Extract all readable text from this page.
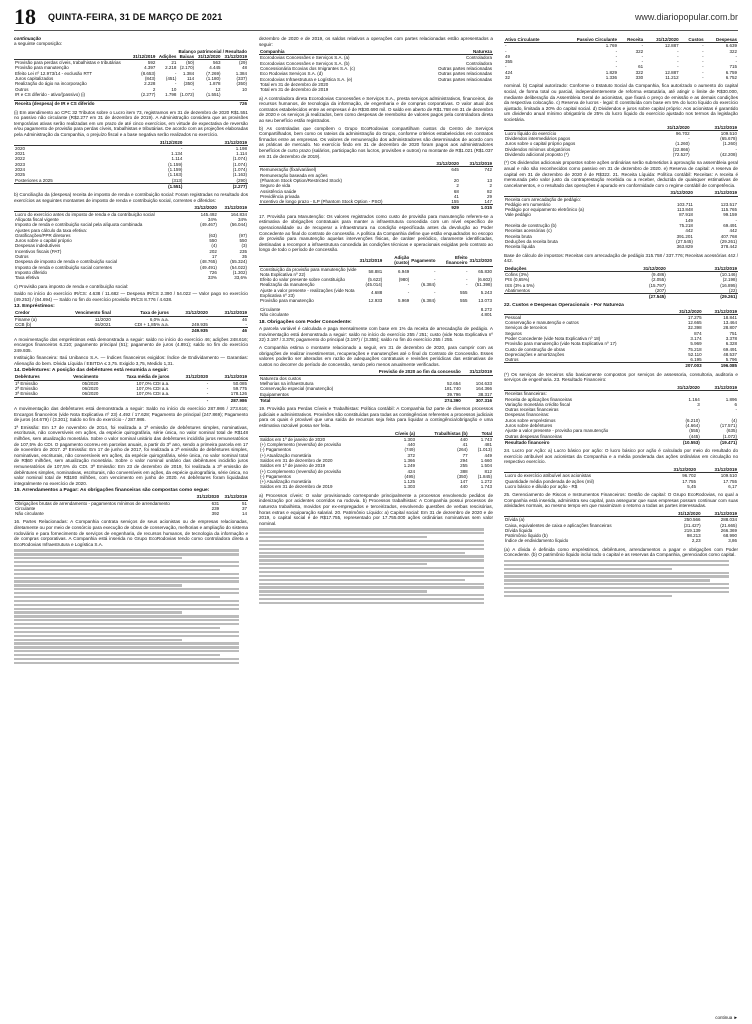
18 QUINTA-FEIRA, 31 DE MARÇO DE 2021	www.diariopopular.com.br
continuação

a seguinte composição:

Balanço patrimonial / Resultado					
	31/12/2019	Adições	Baixas	31/12/2020	31/12/2019
Provisão para perdas cíveis, trabalhistas e tributárias	592	21	(50)	563	(29)
Provisão para manutenção	4.397	2.218	(2.170)	4.445	48
Efeito Lei nº 12.973/14 - exclusão RTT	(8.653)	-	1.384	(7.269)	1.384
Juros capitalizados	(843)	(451)	114	(1.180)	(337)
Realização do ágio na incorporação	2.228	-	(350)	1.878	(350)
Outros	2	10	-	12	10
IR e CS diferido - ativo/(passivo) (i)	(2.277)	1.798	(1.072)	(1.551)	
Receita (despesa) de IR e CS diferido	726

(i) Em atendimento ao CPC 32 Tributos sobre o Lucro item 73, registramos em 31 de dezembro de 2020 R$1.551 no passivo não circulante (R$2.277 em 31 de dezembro de 2019). A Administração considera que as provisões temporárias ativas serão realizadas em um prazo de até cinco exercícios, em virtude de expectativa de reversão e/ou pagamento de provisão para perdas cíveis, trabalhistas e tributárias. De acordo com as projeções elaboradas pela Administração da Companhia, o prejuízo fiscal e a base negativa serão realizados no exercício.

	31/12/2020	31/12/2019
2020	-	1.198
2021	1.134	1.114
2022	1.114	(1.074)
2023	(1.159)	(1.074)
2024	(1.159)	(1.074)
2025	(1.163)	(1.163)
Posteriores a 2025	(313)	(290)
	(1.551)	(2.277)

b) Conciliação da (despesa) receita de imposto de renda e contribuição social: Foram registradas no resultado dos exercícios as seguintes montantes de imposto de renda e contribuição social, correntes e diferidos:

	31/12/2020	31/12/2019
Lucro do exercício antes do imposto de renda e da contribuição social	145.492	164.834
Alíquota fiscal vigente	34%	34%
Imposto de renda e contribuição social pela alíquota combinada	(49.467)	(56.044)
Ajustes para cálculo da taxa efetiva:		
Gratificações/PPR diretores	(63)	(97)
Juros sobre o capital próprio	550	550
Despesas indedutíveis	(4)	(3)
Incentivos fiscais (PAT)	202	235
Outros	17	35
Despesa de imposto de renda e contribuição social	(48.765)	(55.324)
Imposto de renda e contribuição social correntes	(49.491)	(54.022)
Imposto diferido	726	(1.302)
Taxa efetiva	33%	33,6%

c) Provisão para imposto de renda e contribuição social:

Saldo no início do exercício IR/CS: 4.638 / 11.682 — Despesa IR/CS 2.390 / 54.022 — Valor pago no exercício (49.253) / (64.694) — Saldo no fim do exercício provisão IR/CS 8.776 / 4.638.

13. Empréstimos:
Credor	Vencimento final	Taxa de juros	31/12/2020	31/12/2019
Finame (a)	11/2020	6,0% a.a.	-	46
CCB (b)	06/2021	CDI + 1,85% a.a.	249.935	-
			249.935	46

A movimentação dos empréstimos está demonstrada a seguir: saldo no início do exercício 46; adições 248.616; encargos financeiros 6.210; pagamento principal (51); pagamento de juros (4.891); saldo no fim do exercício 249.935.

Instituição financeira: Itaú Unibanco S.A. — Índices financeiros exigidos: Índice de Endividamento — Garantias: Alienação do bem. Dívida Líquida / EBITDA ≤ 3,75. Exigido 3,75, Medido 1,31.

14. Debêntures: A posição das debêntures está resumida a seguir:
Debêntures	Vencimento	Taxa média de juros	31/12/2020	31/12/2019
1ª Emissão	05/2020	107,0% CDI a.a.	-	50.085
2ª Emissão	06/2020	107,0% CDI a.a.	-	59.775
3ª Emissão	06/2020	107,0% CDI a.a.	-	178.126
			-	287.986

A movimentação das debêntures está demonstrada a seguir: Saldo no início do exercício 287.986 / 273.616; Encargos financeiros (vide Nota Explicativa nº 23) 4.492 / 17.628; Pagamento de principal (247.869); Pagamento de juros (44.679) / (3.301); Saldo no fim do exercício - / 287.986.

1ª Emissão: Em 17 de novembro de 2014, foi realizada a 1ª emissão de debêntures simples, nominativas, escriturais, não conversíveis em ações, da espécie quirografária, série única, no valor nominal total de R$148 milhões, sem atualização monetária. Sobre o valor nominal unitário das debêntures incidirão juros remuneratórios de 107,5% do CDI. O pagamento ocorreu em parcelas anuais, a partir do 3º ano, sendo a primeira parcela em 17 de novembro de 2017. 2ª Emissão: Em 17 de junho de 2017, foi realizada a 2ª emissão de debêntures simples, nominativas, escriturais, não conversíveis em ações, da espécie quirografária, série única, no valor nominal total de R$60 milhões, sem atualização monetária. Sobre o valor nominal unitário das debêntures incidirão juros remuneratórios de 107,5% do CDI. 3ª Emissão: Em 23 de dezembro de 2019, foi realizada a 3ª emissão de debêntures simples, nominativas, escriturais, não conversíveis em ações, da espécie quirografária, série única, no valor nominal total de R$180 milhões, com vencimento em junho de 2020. As debêntures foram liquidadas integralmente no exercício de 2020.

15. Arrendamentos a Pagar: As obrigações financeiras são compostas como segue:
	31/12/2020	31/12/2019
Obrigações brutas de arrendamento - pagamentos mínimos de arrendamento	631	51
Circulante	239	37
Não circulante	392	14

16. Partes Relacionadas: A Companhia contrata serviços de seus acionistas ou de empresas relacionadas, diretamente ou por meio de consórcio para execução de obras de conservação, melhorias e ampliação do sistema rodoviário e para fornecimento de serviços de engenharia, de recursos humanos, de tecnologia da informação e de compras corporativas. A Companhia está inserida no Grupo EcoRodovias tendo como controladora direta a EcoRodovias Infraestrutura e Logística S.A.

dezembro de 2020 e de 2019, os saldos relativos a operações com partes relacionadas estão apresentados a seguir:

Companhia	Natureza
Ecorodovias Concessões e Serviços S.A. (a)	Controladora
Ecorodovias Concessões e Serviços S.A. (b)	Controladora
Concessionária Ecovias dos Imigrantes S.A. (c)	Outras partes relacionadas
Eco Rodovias Serviços S.A. (d)	Outras partes relacionadas
Ecorodovias Infraestrutura e Logística S.A. (e)	Outras partes relacionadas
Total em 31 de dezembro de 2020	
Total em 31 de dezembro de 2019	

a) A controladora direta Ecorodovias Concessões e Serviços S.A., presta serviços administrativos, financeiros, de recursos humanos, de tecnologia da informação, de engenharia e de compras corporativas. O valor atual dos contratos estabelecidos entre as empresas é de R$30.690 mil. O saldo em aberto de R$1.768 em 31 de dezembro de 2020 e os serviços já realizados, bem como despesas de reembolso de valores pagos pela controladora direta ao seu benefício estão registrados.

b) As controladas que compõem o Grupo EcoRodovias compartilham custos do Centro de Serviços Compartilhados, bem como os rateios da administração do Grupo, conforme critérios estabelecidos em contratos firmados entre as empresas. Os valores de remuneração dos administradores são determinados de acordo com as práticas de mercado. No exercício findo em 31 de dezembro de 2020 foram pagos aos administradores benefícios de curto prazo (salários, participação nos lucros, provisões e outros) no montante de R$1.021 (R$1.037 em 31 de dezembro de 2019).

	31/12/2020	31/12/2019
Remuneração (fixa/variável)	645	742
Remuneração baseada em ações		
(Phantom Stock Option/Restricted Stock)	20	13
Seguro de vida	2	2
Assistência saúde	68	82
Previdência privada	41	29
Incentivo de longo prazo - ILP (Phantom Stock Option - PSO)	155	147
	929	1.015

17. Provisão para Manutenção: Os valores registrados como custo de provisão para manutenção referem-se a estimativa de obrigações contratuais para manter a infraestrutura concedida com um nível específico de operacionalidade ou de recuperar a infraestrutura na condição especificada antes da devolução ao Poder Concedente ao final do contrato de concessão. A política da Companhia define que estão enquadrados no escopo de provisão para manutenção aquelas intervenções físicas, de caráter periódico, claramente identificadas, destinadas a recompor a infraestrutura concedida às condições técnicas e operacionais exigidas pelo contrato ao longo de todo o período de concessão.

	31/12/2019	Adição (custo)	Pagamento	Efeito financeiro	31/12/2020
Constituição da provisão para manutenção (vide Nota Explicativa nº 22)	58.881	6.949	-	-	65.830
Efeito do valor presente sobre constituição	(5.622)	(980)	-	-	(6.602)
Realização da manutenção	(45.014)	-	(6.384)	-	(51.398)
Ajuste a valor presente - realizações (vide Nota Explicativa nº 23)	4.688	-	-	555	5.243
Provisão para manutenção	12.933	5.969	(6.384)	555	13.073
Circulante	8.272
Não circulante	4.801
18. Obrigações com Poder Concedente:

A parcela variável é calculada e paga mensalmente com base em 1% da receita de arrecadação de pedágio. A movimentação está demonstrada a seguir: saldo no início do exercício 255 / 251; custo (vide Nota Explicativa nº 22) 3.197 / 3.378; pagamento do principal (3.197) / (3.355); saldo no fim do exercício 255 / 255.

A Companhia estima o montante relacionado a seguir, em 31 de dezembro de 2020, para cumprir com as obrigações de realizar investimentos, recuperações e manutenções até o final do Contrato de Concessão. Esses valores poderão ser alterados em razão de adequações contratuais e revisões periódicas das estimativas de custos no decorrer do período de concessão, sendo pelo menos anualmente verificados.

	Previsão de 2020 ao fim da concessão	31/12/2019
Natureza dos custos		
Melhorias na infraestrutura	52.654	104.633
Conservação especial (manutenção)	181.740	164.366
Equipamentos	39.796	38.317
Total	274.390	307.316

19. Provisão para Perdas Cíveis e Trabalhistas: Política contábil: A Companhia faz parte de diversos processos judiciais e administrativos. Provisões são constituídas para todas as contingências referentes a processos judiciais para os quais é provável que uma saída de recursos seja feita para liquidar a contingência/obrigação e uma estimativa razoável possa ser feita.

	Cíveis (a)	Trabalhistas (b)	Total
Saldos em 1º de janeiro de 2020	1.303	440	1.743
(+) Complemento (reversão) de provisão	440	41	481
(-) Pagamentos	(749)	(264)	(1.013)
(+) Atualização monetária	372	77	449
Saldos em 31 de dezembro de 2020	1.366	294	1.660
Saldos em 1º de janeiro de 2019	1.249	255	1.504
(+) Complemento (reversão) de provisão	424	388	812
(-) Pagamentos	(495)	(350)	(1.845)
(+) Atualização monetária	1.125	147	1.272
Saldos em 31 de dezembro de 2019	1.303	440	1.743

a) Processos cíveis: O valor provisionado corresponde principalmente a processos envolvendo pedidos de indenização por acidentes ocorridos na rodovia. b) Processos trabalhistas: A Companhia possui processos de natureza trabalhista, movidos por ex-empregados e terceirizados, envolvendo questões de verbas rescisórias, horas extras e equiparação salarial. 20. Patrimônio Líquido: a) Capital social: Em 31 de dezembro de 2020 e de 2019, o capital social é de R$17.755, representado por 17.755.000 ações ordinárias nominativas sem valor nominal.

Ativo Circulante	Passivo Circulante	Receita	31/12/2020	Custos	Despesas
-	1.769	-	12.887	-	6.639
-	-	322	-	-	322
49	-	-	-	-	-
355	-	-	-	-	-
-	-	61	-	-	715
424	1.829	322	12.887	-	6.759
32	1.336	330	11.212	-	6.752

nominal. b) Capital autorizado: Conforme o Estatuto Social da Companhia, fica autorizado o aumento do capital social, de forma total ou parcial, independentemente de reforma estatutária, até atingir o limite de R$30.000, mediante deliberação da Assembleia Geral de acionistas, que fixará o preço de emissão e as demais condições da respectiva colocação. c) Reserva de lucros - legal: É constituída com base em 5% do lucro líquido do exercício ajustado, limitada a 20% do capital social. d) Dividendos e juros sobre capital próprio: Aos acionistas é garantido um dividendo anual mínimo obrigatório de 25% do lucro líquido do exercício ajustado nos termos da legislação societária.

	31/12/2020	31/12/2019
Lucro líquido do exercício	96.702	109.510
Dividendos intermediários pagos	-	(65.678)
Juros sobre o capital próprio pagos	(1.260)	(1.260)
Dividendos mínimos obrigatórios	(22.866)	-
Dividendo adicional proposto (*)	(72.527)	(42.208)

(*) Os dividendos adicionais propostos sobre ações ordinárias serão submetidos à aprovação na assembleia geral anual e não são reconhecidos como passivo em 31 de dezembro de 2020. e) Reserva de capital: A reserva de capital em 31 de dezembro de 2020 é de R$322. 21. Receita Líquida: Política contábil: Receitas: A receita é mensurada pelo valor justo da contraprestação recebida ou a receber, deduzida de quaisquer estimativas de cancelamentos, e o resultado das operações é apurado em conformidade com o regime contábil de competência.

	31/12/2020	31/12/2019
Receita com arrecadação de pedágio:		
Pedágio em numerário	103.711	123.517
Pedágio por equipamento eletrônico (a)	113.848	115.765
Vale pedágio	87.918	99.159
	149	-
Receita de construção (b)	75.218	69.491
Receitas acessórias (c)	442	442
Receita bruta	391.201	407.768
Deduções da receita bruta	(27.545)	(29.261)
Receita líquida	363.829	378.442

Base de cálculo de impostos: Receitas com arrecadação de pedágio 315.758 / 337.776; Receitas acessórias 442 / 442.

Deduções	31/12/2020	31/12/2019
Cofins (3%)	(9.486)	(10.146)
PIS (0,65%)	(2.055)	(2.198)
ISS (3% a 5%)	(15.797)	(16.895)
Abatimentos	(207)	(22)
	(27.545)	(29.261)
22. Custos e Despesas Operacionais - Por Natureza
	31/12/2020	31/12/2019
Pessoal	17.275	18.841
Conservação e manutenção e outros	12.665	13.464
Serviços de terceiros	32.398	28.807
Seguros	874	751
Poder Concedente (vide Nota Explicativa nº 18)	3.174	3.378
Provisão para manutenção (vide Nota Explicativa nº 17)	5.969	6.328
Custo de construção de obras	75.218	69.491
Depreciações e amortizações	52.110	48.537
Outros	6.195	5.796
	207.003	196.085

(*) Os serviços de terceiros são basicamente compostos por serviços de assessoria, consultoria, auditoria e serviços de engenharia. 23. Resultado Financeiro:

	31/12/2020	31/12/2019
Receitas financeiras:		
Receita de aplicações financeiras	1.164	1.896
Variação monetária crédito fiscal	3	6
Outras receitas financeiras	-	-
Despesas financeiras:		
Juros sobre empréstimos	(6.210)	(4)
Juros sobre debêntures	(4.664)	(17.571)
Ajuste a valor presente - provisão para manutenção	(555)	(635)
Outras despesas financeiras	(445)	(1.072)
Resultado financeiro	(10.553)	(19.471)

24. Lucro por Ação: a) Lucro básico por ação: O lucro básico por ação é calculado por meio do resultado do exercício atribuível aos acionistas da Companhia e a média ponderada das ações ordinárias em circulação no respectivo exercício.

	31/12/2020	31/12/2019
Lucro do exercício atribuível aos acionistas	96.702	109.510
Quantidade média ponderada de ações (mil)	17.755	17.755
Lucro básico e diluído por ação - R$	5,45	6,17

25. Gerenciamento de Riscos e Instrumentos Financeiros: Gestão de capital: O Grupo EcoRodovias, no qual a Companhia está inserida, administra seu capital, para assegurar que suas empresas possam continuar com suas atividades normais, ao mesmo tempo em que maximizam o retorno a todas as partes interessadas.

	31/12/2020	31/12/2019
Dívida (a)	250.566	288.034
Caixa, equivalentes de caixa e aplicações financeiras	(31.427)	(21.665)
Dívida líquida	219.139	266.369
Patrimônio líquido (b)	98.213	68.990
Índice de endividamento líquido	2,23	3,86

(a) A dívida é definida como empréstimos, debêntures, arrendamentos a pagar e obrigações com Poder Concedente. (b) O patrimônio líquido inclui todo o capital e as reservas da Companhia, gerenciados como capital.

continua ►
